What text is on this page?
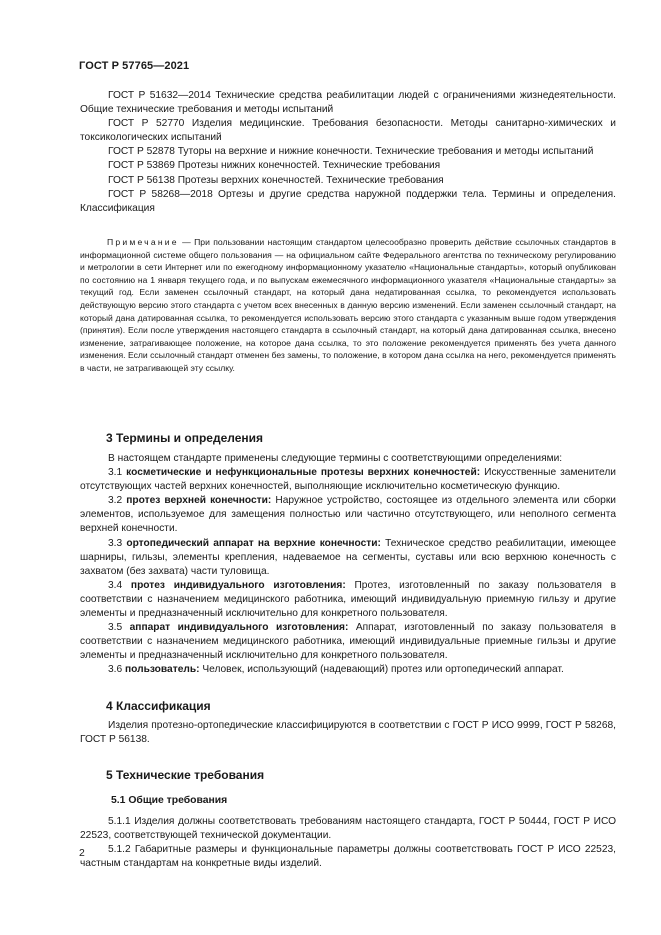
ГОСТ Р 57765—2021

ГОСТ Р 51632—2014 Технические средства реабилитации людей с ограничениями жизнедеятельности. Общие технические требования и методы испытаний

ГОСТ Р 52770 Изделия медицинские. Требования безопасности. Методы санитарно-химических и токсикологических испытаний

ГОСТ Р 52878 Туторы на верхние и нижние конечности. Технические требования и методы испытаний

ГОСТ Р 53869 Протезы нижних конечностей. Технические требования

ГОСТ Р 56138 Протезы верхних конечностей. Технические требования

ГОСТ Р 58268—2018 Ортезы и другие средства наружной поддержки тела. Термины и определения. Классификация

Примечание — При пользовании настоящим стандартом целесообразно проверить действие ссылочных стандартов в информационной системе общего пользования — на официальном сайте Федерального агентства по техническому регулированию и метрологии в сети Интернет или по ежегодному информационному указателю «Национальные стандарты», который опубликован по состоянию на 1 января текущего года, и по выпускам ежемесячного информационного указателя «Национальные стандарты» за текущий год. Если заменен ссылочный стандарт, на который дана недатированная ссылка, то рекомендуется использовать действующую версию этого стандарта с учетом всех внесенных в данную версию изменений. Если заменен ссылочный стандарт, на который дана датированная ссылка, то рекомендуется использовать версию этого стандарта с указанным выше годом утверждения (принятия). Если после утверждения настоящего стандарта в ссылочный стандарт, на который дана датированная ссылка, внесено изменение, затрагивающее положение, на которое дана ссылка, то это положение рекомендуется применять без учета данного изменения. Если ссылочный стандарт отменен без замены, то положение, в котором дана ссылка на него, рекомендуется применять в части, не затрагивающей эту ссылку.

3 Термины и определения

В настоящем стандарте применены следующие термины с соответствующими определениями:

3.1 косметические и нефункциональные протезы верхних конечностей: Искусственные заменители отсутствующих частей верхних конечностей, выполняющие исключительно косметическую функцию.

3.2 протез верхней конечности: Наружное устройство, состоящее из отдельного элемента или сборки элементов, используемое для замещения полностью или частично отсутствующего, или неполного сегмента верхней конечности.

3.3 ортопедический аппарат на верхние конечности: Техническое средство реабилитации, имеющее шарниры, гильзы, элементы крепления, надеваемое на сегменты, суставы или всю верхнюю конечность с захватом (без захвата) части туловища.

3.4 протез индивидуального изготовления: Протез, изготовленный по заказу пользователя в соответствии с назначением медицинского работника, имеющий индивидуальную приемную гильзу и другие элементы и предназначенный исключительно для конкретного пользователя.

3.5 аппарат индивидуального изготовления: Аппарат, изготовленный по заказу пользователя в соответствии с назначением медицинского работника, имеющий индивидуальные приемные гильзы и другие элементы и предназначенный исключительно для конкретного пользователя.

3.6 пользователь: Человек, использующий (надевающий) протез или ортопедический аппарат.

4 Классификация

Изделия протезно-ортопедические классифицируются в соответствии с ГОСТ Р ИСО 9999, ГОСТ Р 58268, ГОСТ Р 56138.

5 Технические требования
5.1 Общие требования

5.1.1 Изделия должны соответствовать требованиям настоящего стандарта, ГОСТ Р 50444, ГОСТ Р ИСО 22523, соответствующей технической документации.

5.1.2 Габаритные размеры и функциональные параметры должны соответствовать ГОСТ Р ИСО 22523, частным стандартам на конкретные виды изделий.

2
